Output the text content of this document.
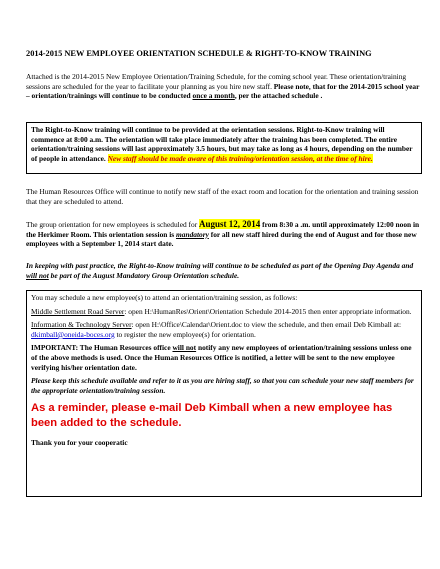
2014-2015 NEW EMPLOYEE ORIENTATION SCHEDULE & RIGHT-TO-KNOW TRAINING
Attached is the 2014-2015 New Employee Orientation/Training Schedule, for the coming school year. These orientation/training sessions are scheduled for the year to facilitate your planning as you hire new staff. Please note, that for the 2014-2015 school year – orientation/trainings will continue to be conducted once a month, per the attached schedule .
The Right-to-Know training will continue to be provided at the orientation sessions. Right-to-Know training will commence at 8:00 a.m. The orientation will take place immediately after the training has been completed. The entire orientation/training sessions will last approximately 3.5 hours, but may take as long as 4 hours, depending on the number of people in attendance. New staff should be made aware of this training/orientation session, at the time of hire.
The Human Resources Office will continue to notify new staff of the exact room and location for the orientation and training session that they are scheduled to attend.
The group orientation for new employees is scheduled for August 12, 2014 from 8:30 a .m. until approximately 12:00 noon in the Herkimer Room. This orientation session is mandatory for all new staff hired during the end of August and for those new employees with a September 1, 2014 start date.
In keeping with past practice, the Right-to-Know training will continue to be scheduled as part of the Opening Day Agenda and will not be part of the August Mandatory Group Orientation schedule.

You may schedule a new employee(s) to attend an orientation/training session, as follows:

Middle Settlement Road Server: open H:\HumanRes\Orient\Orientation Schedule 2014-2015 then enter appropriate information.

Information & Technology Server: open H:\Office\Calendar\Orient.doc to view the schedule, and then email Deb Kimball at: dkimball@oneida-boces.org to register the new employee(s) for orientation.

IMPORTANT: The Human Resources office will not notify any new employees of orientation/training sessions unless one of the above methods is used. Once the Human Resources Office is notified, a letter will be sent to the new employee verifying his/her orientation date.

Please keep this schedule available and refer to it as you are hiring staff, so that you can schedule your new staff members for the appropriate orientation/training session.

As a reminder, please e-mail Deb Kimball when a new employee has been added to the schedule.

Thank you for your cooperatic
